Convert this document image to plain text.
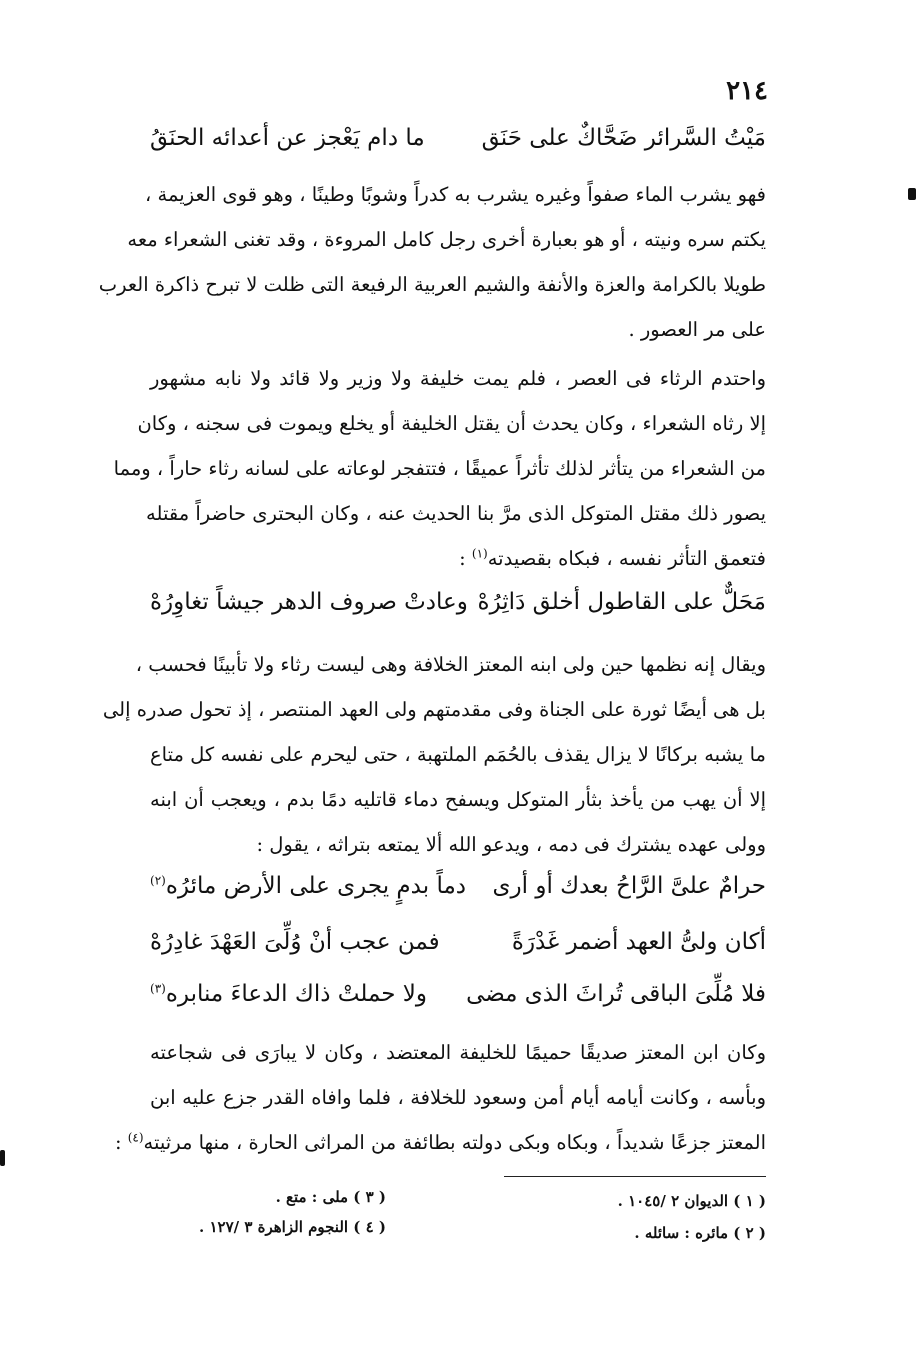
٢١٤
مَيْتُ السَّرائر ضَحَّاكٌ على حَنَق
ما دام يَعْجز عن أعدائه الحنَقُ
فهو يشرب الماء صفواً وغيره يشرب به كدراً وشوبًا وطينًا ، وهو قوى العزيمة ،
يكتم سره ونيته ، أو هو بعبارة أخرى رجل كامل المروءة ، وقد تغنى الشعراء معه
طويلا بالكرامة والعزة والأنفة والشيم العربية الرفيعة التى ظلت لا تبرح ذاكرة العرب
على مر العصور .
واحتدم الرثاء فى العصر ، فلم يمت خليفة ولا وزير ولا قائد ولا نابه مشهور
إلا رثاه الشعراء ، وكان يحدث أن يقتل الخليفة أو يخلع ويموت فى سجنه ، وكان
من الشعراء من يتأثر لذلك تأثراً عميقًا ، فتتفجر لوعاته على لسانه رثاء حاراً ، ومما
يصور ذلك مقتل المتوكل الذى مرَّ بنا الحديث عنه ، وكان البحترى حاضراً مقتله
فتعمق التأثر نفسه ، فبكاه بقصيدته$^{(١)}$ :
مَحَلٌّ على القاطول أخلق دَاثِرُهْ
وعادتْ صروف الدهر جيشاً تغاوِرُهْ
ويقال إنه نظمها حين ولى ابنه المعتز الخلافة وهى ليست رثاء ولا تأبينًا فحسب ،
بل هى أيضًا ثورة على الجناة وفى مقدمتهم ولى العهد المنتصر ، إذ تحول صدره إلى
ما يشبه بركانًا لا يزال يقذف بالحُمَم الملتهبة ، حتى ليحرم على نفسه كل متاع
إلا أن يهب من يأخذ بثأر المتوكل ويسفح دماء قاتليه دمًا بدم ، ويعجب أن ابنه
وولى عهده يشترك فى دمه ، ويدعو الله ألا يمتعه بتراثه ، يقول :
حرامٌ علىَّ الرَّاحُ بعدك أو أرى
دماً بدمٍ يجرى على الأرض مائرُه$^{(٢)}$
أكان ولىُّ العهد أضمر غَدْرَةً
فمن عجب أنْ وُلِّىَ العَهْدَ غادِرُهْ
فلا مُلِّىَ الباقى تُراثَ الذى مضى
ولا حملتْ ذاك الدعاءَ منابره$^{(٣)}$
وكان ابن المعتز صديقًا حميمًا للخليفة المعتضد ، وكان لا يبارَى فى شجاعته
وبأسه ، وكانت أيامه أيام أمن وسعود للخلافة ، فلما وافاه القدر جزع عليه ابن
المعتز جزعًا شديداً ، وبكاه وبكى دولته بطائفة من المراثى الحارة ، منها مرثيته$^{(٤)}$ :
( ١ ) الديوان ٢ /١٠٤٥ .
( ٢ ) مائره : سائله .
( ٣ ) ملى : متع .
( ٤ ) النجوم الزاهرة ٣ /١٢٧ .
